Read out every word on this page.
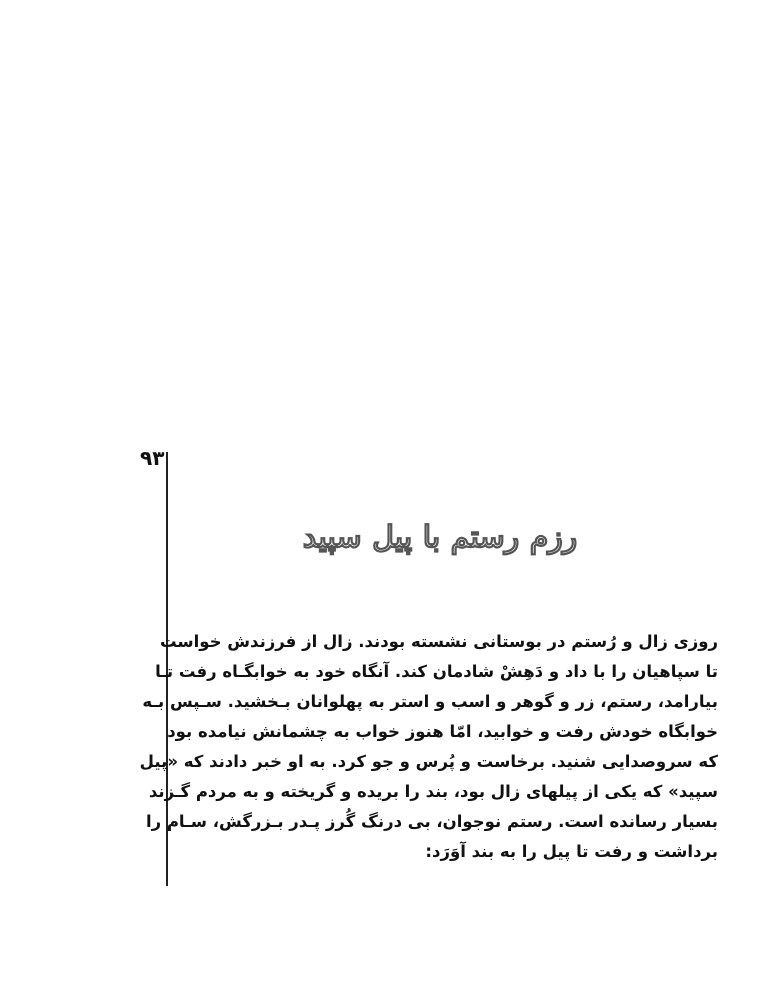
۹۳
رزم رستم با پیل سپید
روزی زال و رُستم در بوستانی نشسته بودند. زال از فرزندش خواست
تا سپاهیان را با داد و دَهِشْ شادمان کند. آنگاه خود به خوابگـاه رفت تـا
بیارامد، رستم، زر و گوهر و اسب و استر به پهلوانان بـخشید. سـپس بـه
خوابگاه خودش رفت و خوابید، امّا هنوز خواب به چشمانش نیامده بود
که سروصدایی شنید. برخاست و پُرس و جو کرد. به او خبر دادند که «پیل
سپید» که یکی از پیلهای زال بود، بند را بریده و گریخته و به مردم گـزند
بسیار رسانده است. رستم نوجوان، بی درنگ گُرز پـدر بـزرگش، سـام را
برداشت و رفت تا پیل را به بند آوَرَد:
